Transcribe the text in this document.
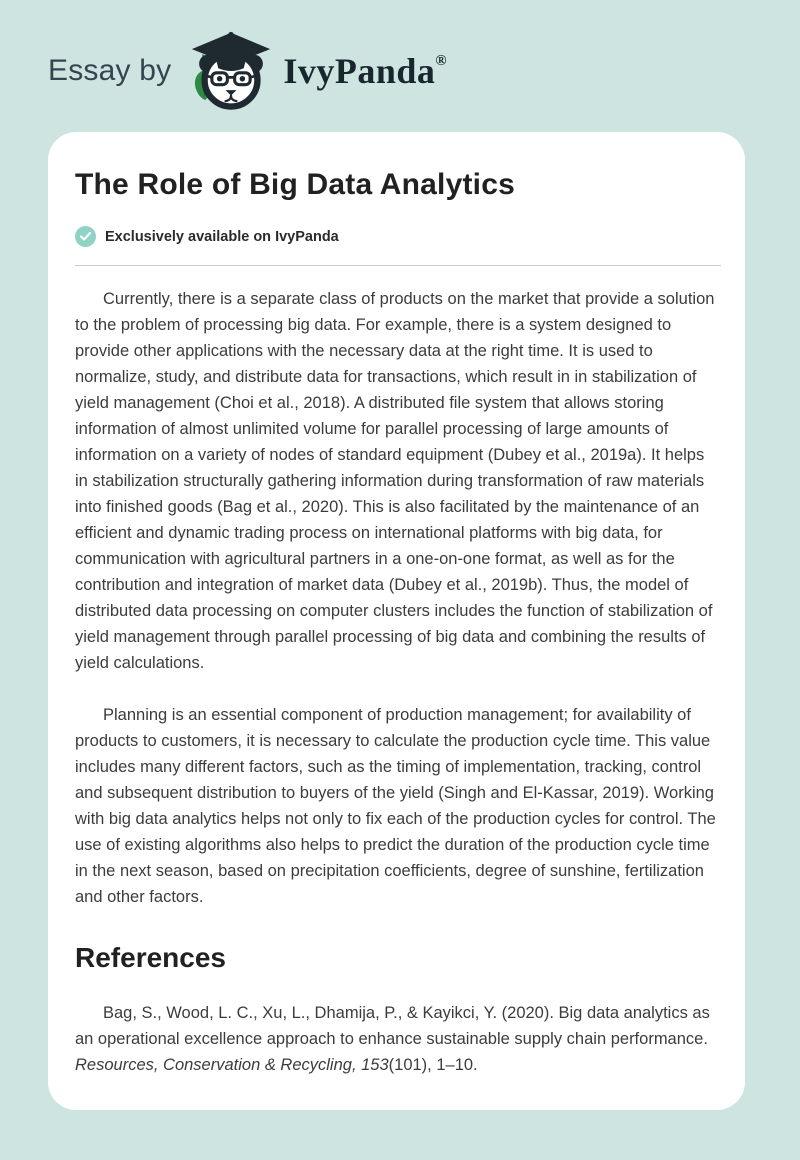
Essay by	IvyPanda®
The Role of Big Data Analytics
Exclusively available on IvyPanda

Currently, there is a separate class of products on the market that provide a solution to the problem of processing big data. For example, there is a system designed to provide other applications with the necessary data at the right time. It is used to normalize, study, and distribute data for transactions, which result in in stabilization of yield management (Choi et al., 2018). A distributed file system that allows storing information of almost unlimited volume for parallel processing of large amounts of information on a variety of nodes of standard equipment (Dubey et al., 2019a). It helps in stabilization structurally gathering information during transformation of raw materials into finished goods (Bag et al., 2020). This is also facilitated by the maintenance of an efficient and dynamic trading process on international platforms with big data, for communication with agricultural partners in a one-on-one format, as well as for the contribution and integration of market data (Dubey et al., 2019b). Thus, the model of distributed data processing on computer clusters includes the function of stabilization of yield management through parallel processing of big data and combining the results of yield calculations.

Planning is an essential component of production management; for availability of products to customers, it is necessary to calculate the production cycle time. This value includes many different factors, such as the timing of implementation, tracking, control and subsequent distribution to buyers of the yield (Singh and El-Kassar, 2019). Working with big data analytics helps not only to fix each of the production cycles for control. The use of existing algorithms also helps to predict the duration of the production cycle time in the next season, based on precipitation coefficients, degree of sunshine, fertilization and other factors.

References

Bag, S., Wood, L. C., Xu, L., Dhamija, P., & Kayikci, Y. (2020). Big data analytics as an operational excellence approach to enhance sustainable supply chain performance. Resources, Conservation & Recycling, 153(101), 1–10.
